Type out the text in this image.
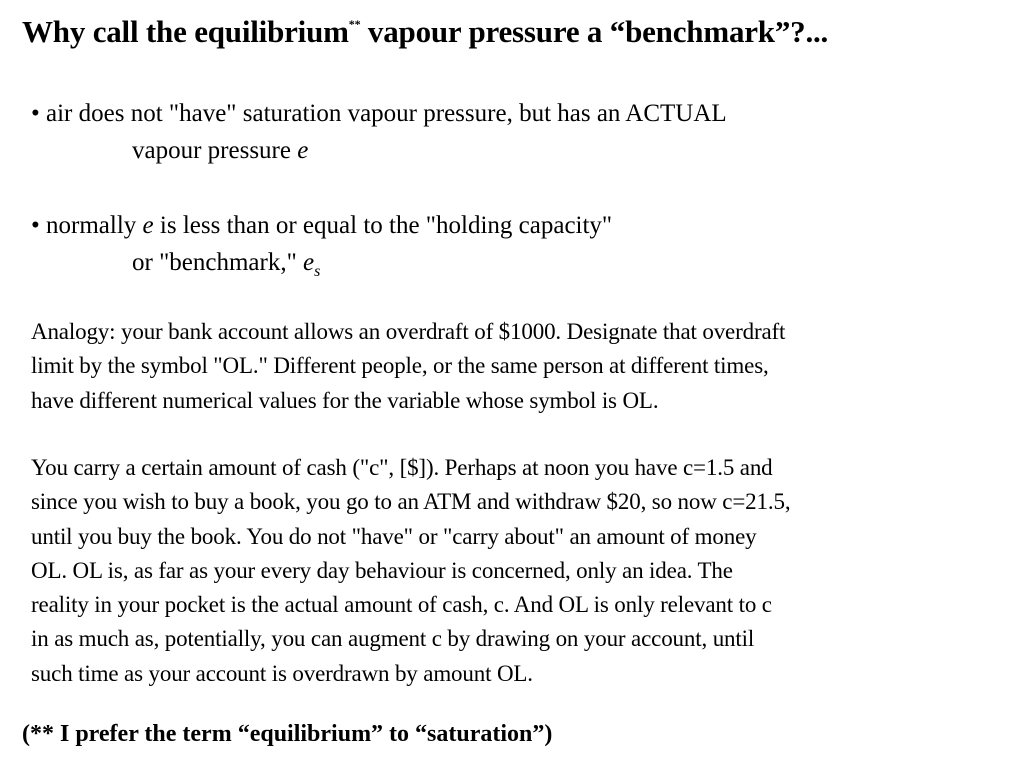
Why call the equilibrium** vapour pressure a “benchmark”?...
• air does not "have" saturation vapour pressure, but has an ACTUAL
vapour pressure e
• normally e is less than or equal to the "holding capacity"
or "benchmark," $e_s$
Analogy: your bank account allows an overdraft of $1000. Designate that overdraft
limit by the symbol "OL." Different people, or the same person at different times,
have different numerical values for the variable whose symbol is OL.
You carry a certain amount of cash ("c", [$]). Perhaps at noon you have c=1.5 and
since you wish to buy a book, you go to an ATM and withdraw $20, so now c=21.5,
until you buy the book. You do not "have" or "carry about" an amount of money
OL. OL is, as far as your every day behaviour is concerned, only an idea. The
reality in your pocket is the actual amount of cash, c. And OL is only relevant to c
in as much as, potentially, you can augment c by drawing on your account, until
such time as your account is overdrawn by amount OL.
(** I prefer the term “equilibrium” to “saturation”)
